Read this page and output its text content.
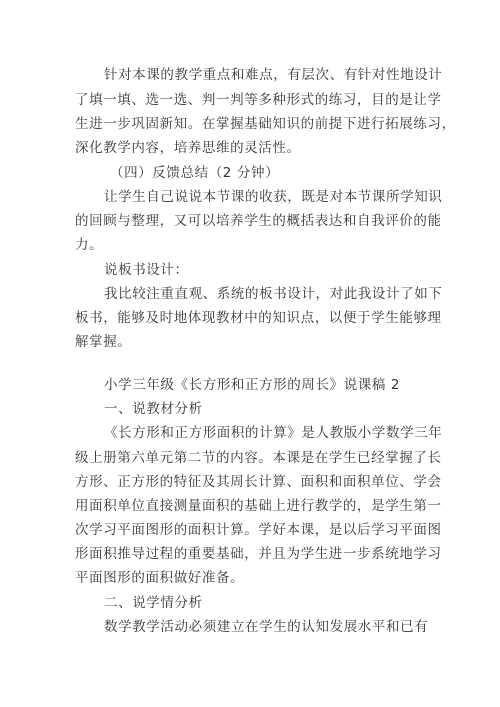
针对本课的教学重点和难点，有层次、有针对性地设计
了填一填、选一选、判一判等多种形式的练习，目的是让学
生进一步巩固新知。在掌握基础知识的前提下进行拓展练习，
深化教学内容，培养思维的灵活性。
（四）反馈总结（2 分钟）
让学生自己说说本节课的收获，既是对本节课所学知识
的回顾与整理，又可以培养学生的概括表达和自我评价的能
力。
说板书设计：
我比较注重直观、系统的板书设计，对此我设计了如下
板书，能够及时地体现教材中的知识点，以便于学生能够理
解掌握。
小学三年级《长方形和正方形的周长》说课稿 2
一、说教材分析
《长方形和正方形面积的计算》是人教版小学数学三年
级上册第六单元第二节的内容。本课是在学生已经掌握了长
方形、正方形的特征及其周长计算、面积和面积单位、学会
用面积单位直接测量面积的基础上进行教学的，是学生第一
次学习平面图形的面积计算。学好本课，是以后学习平面图
形面积推导过程的重要基础，并且为学生进一步系统地学习
平面图形的面积做好准备。
二、说学情分析
数学教学活动必须建立在学生的认知发展水平和已有
